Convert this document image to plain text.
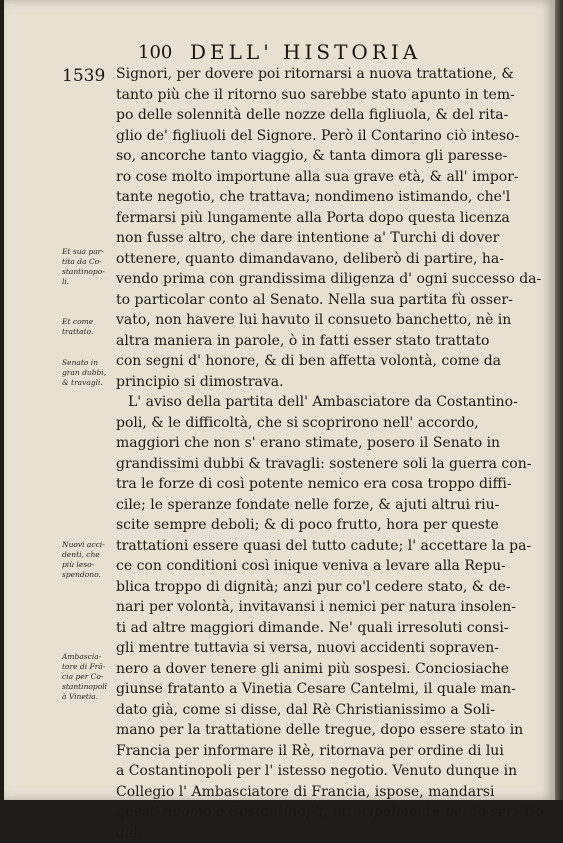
100 DELL' HISTORIA
1539 Signori, per dovere poi ritornarsi a nuova trattatione, &
tanto più che il ritorno suo sarebbe stato apunto in tem-
po delle solennità delle nozze della figliuola, & del rita-
glio de' figliuoli del Signore. Però il Contarino ciò inteso-
so, ancorche tanto viaggio, & tanta dimora gli paresse-
ro cose molto importune alla sua grave età, & all' impor-
tante negotio, che trattava; nondimeno istimando, che'l
fermarsi più lungamente alla Porta dopo questa licenza
non fusse altro, che dare intentione a' Turchi di dover
ottenere, quanto dimandavano, deliberò di partire, ha-
vendo prima con grandissima diligenza d' ogni successo da-
to particolar conto al Senato. Nella sua partita fù osser-
vato, non havere lui havuto il consueto banchetto, nè in
altra maniera in parole, ò in fatti esser stato trattato
con segni d' honore, & di ben affetta volontà, come da
principio si dimostrava.
L' aviso della partita dell' Ambasciatore da Costantino-
poli, & le difficoltà, che si scoprirono nell' accordo,
maggiori che non s' erano stimate, posero il Senato in
grandissimi dubbi & travagli: sostenere soli la guerra con-
tra le forze di così potente nemico era cosa troppo diffi-
cile; le speranze fondate nelle forze, & ajuti altrui riu-
scite sempre deboli; & di poco frutto, hora per queste
trattationi essere quasi del tutto cadute; l' accettare la pa-
ce con conditioni così inique veniva a levare alla Repu-
blica troppo di dignità; anzi pur co'l cedere stato, & de-
nari per volontà, invitavansi i nemici per natura insolen-
ti ad altre maggiori dimande. Ne' quali irresoluti consi-
gli mentre tuttavia si versa, nuovi accidenti sopraven-
nero a dover tenere gli animi più sospesi. Conciosiache
giunse fratanto a Vinetia Cesare Cantelmi, il quale man-
dato già, come si disse, dal Rè Christianissimo a Soli-
mano per la trattatione delle tregue, dopo essere stato in
Francia per informare il Rè, ritornava per ordine di lui
a Costantinopoli per l' istesso negotio. Venuto dunque in
Collegio l' Ambasciatore di Francia, ispose, mandarsi
quest' huomo a Costantinopli, principalmente per lo servitio
del-
Et sua par-
tita da Co-
stantinopo-
li.
Et come
trattato.
Senato in
gran dubbi,
& travagli.
Nuovi acci-
denti, che
più leso-
spendono.
Ambascia-
tore di Frā-
cia per Co-
stantinopoli
à Vinetia.
